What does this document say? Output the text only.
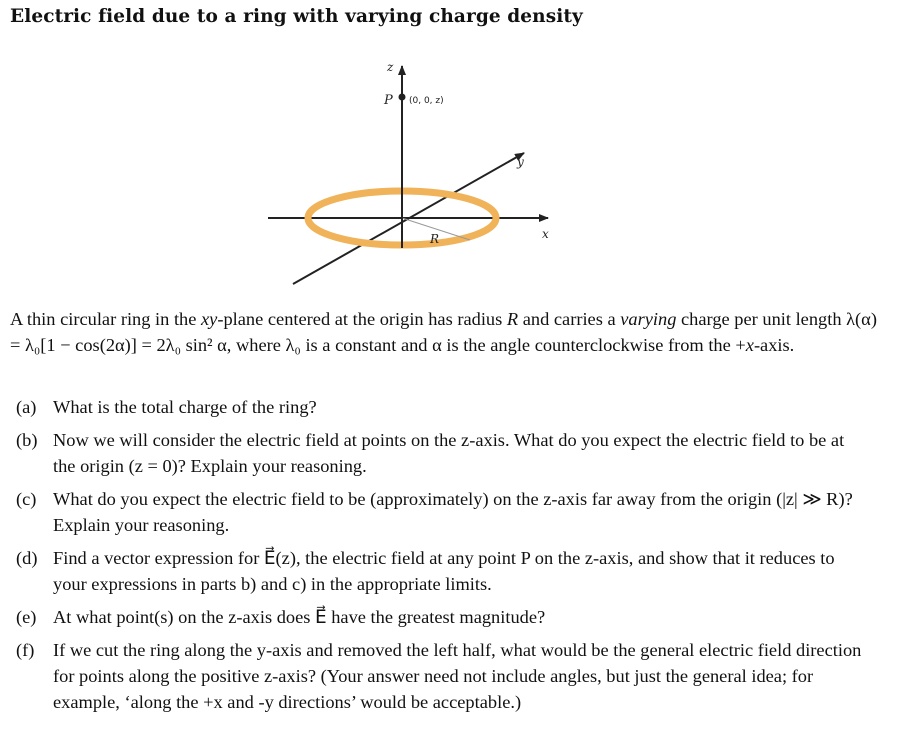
Electric field due to a ring with varying charge density
z
P (0, 0, z)
y
x
R
A thin circular ring in the xy-plane centered at the origin has radius R and carries a varying charge per unit length λ(α) = λ₀[1 − cos(2α)] = 2λ₀ sin² α, where λ₀ is a constant and α is the angle counterclockwise from the +x-axis.
(a) What is the total charge of the ring?
(b) Now we will consider the electric field at points on the z-axis. What do you expect the electric field to be at the origin (z = 0)? Explain your reasoning.
(c) What do you expect the electric field to be (approximately) on the z-axis far away from the origin (|z| ≫ R)? Explain your reasoning.
(d) Find a vector expression for E⃗(z), the electric field at any point P on the z-axis, and show that it reduces to your expressions in parts b) and c) in the appropriate limits.
(e) At what point(s) on the z-axis does E⃗ have the greatest magnitude?
(f) If we cut the ring along the y-axis and removed the left half, what would be the general electric field direction for points along the positive z-axis? (Your answer need not include angles, but just the general idea; for example, ‘along the +x and -y directions’ would be acceptable.)
